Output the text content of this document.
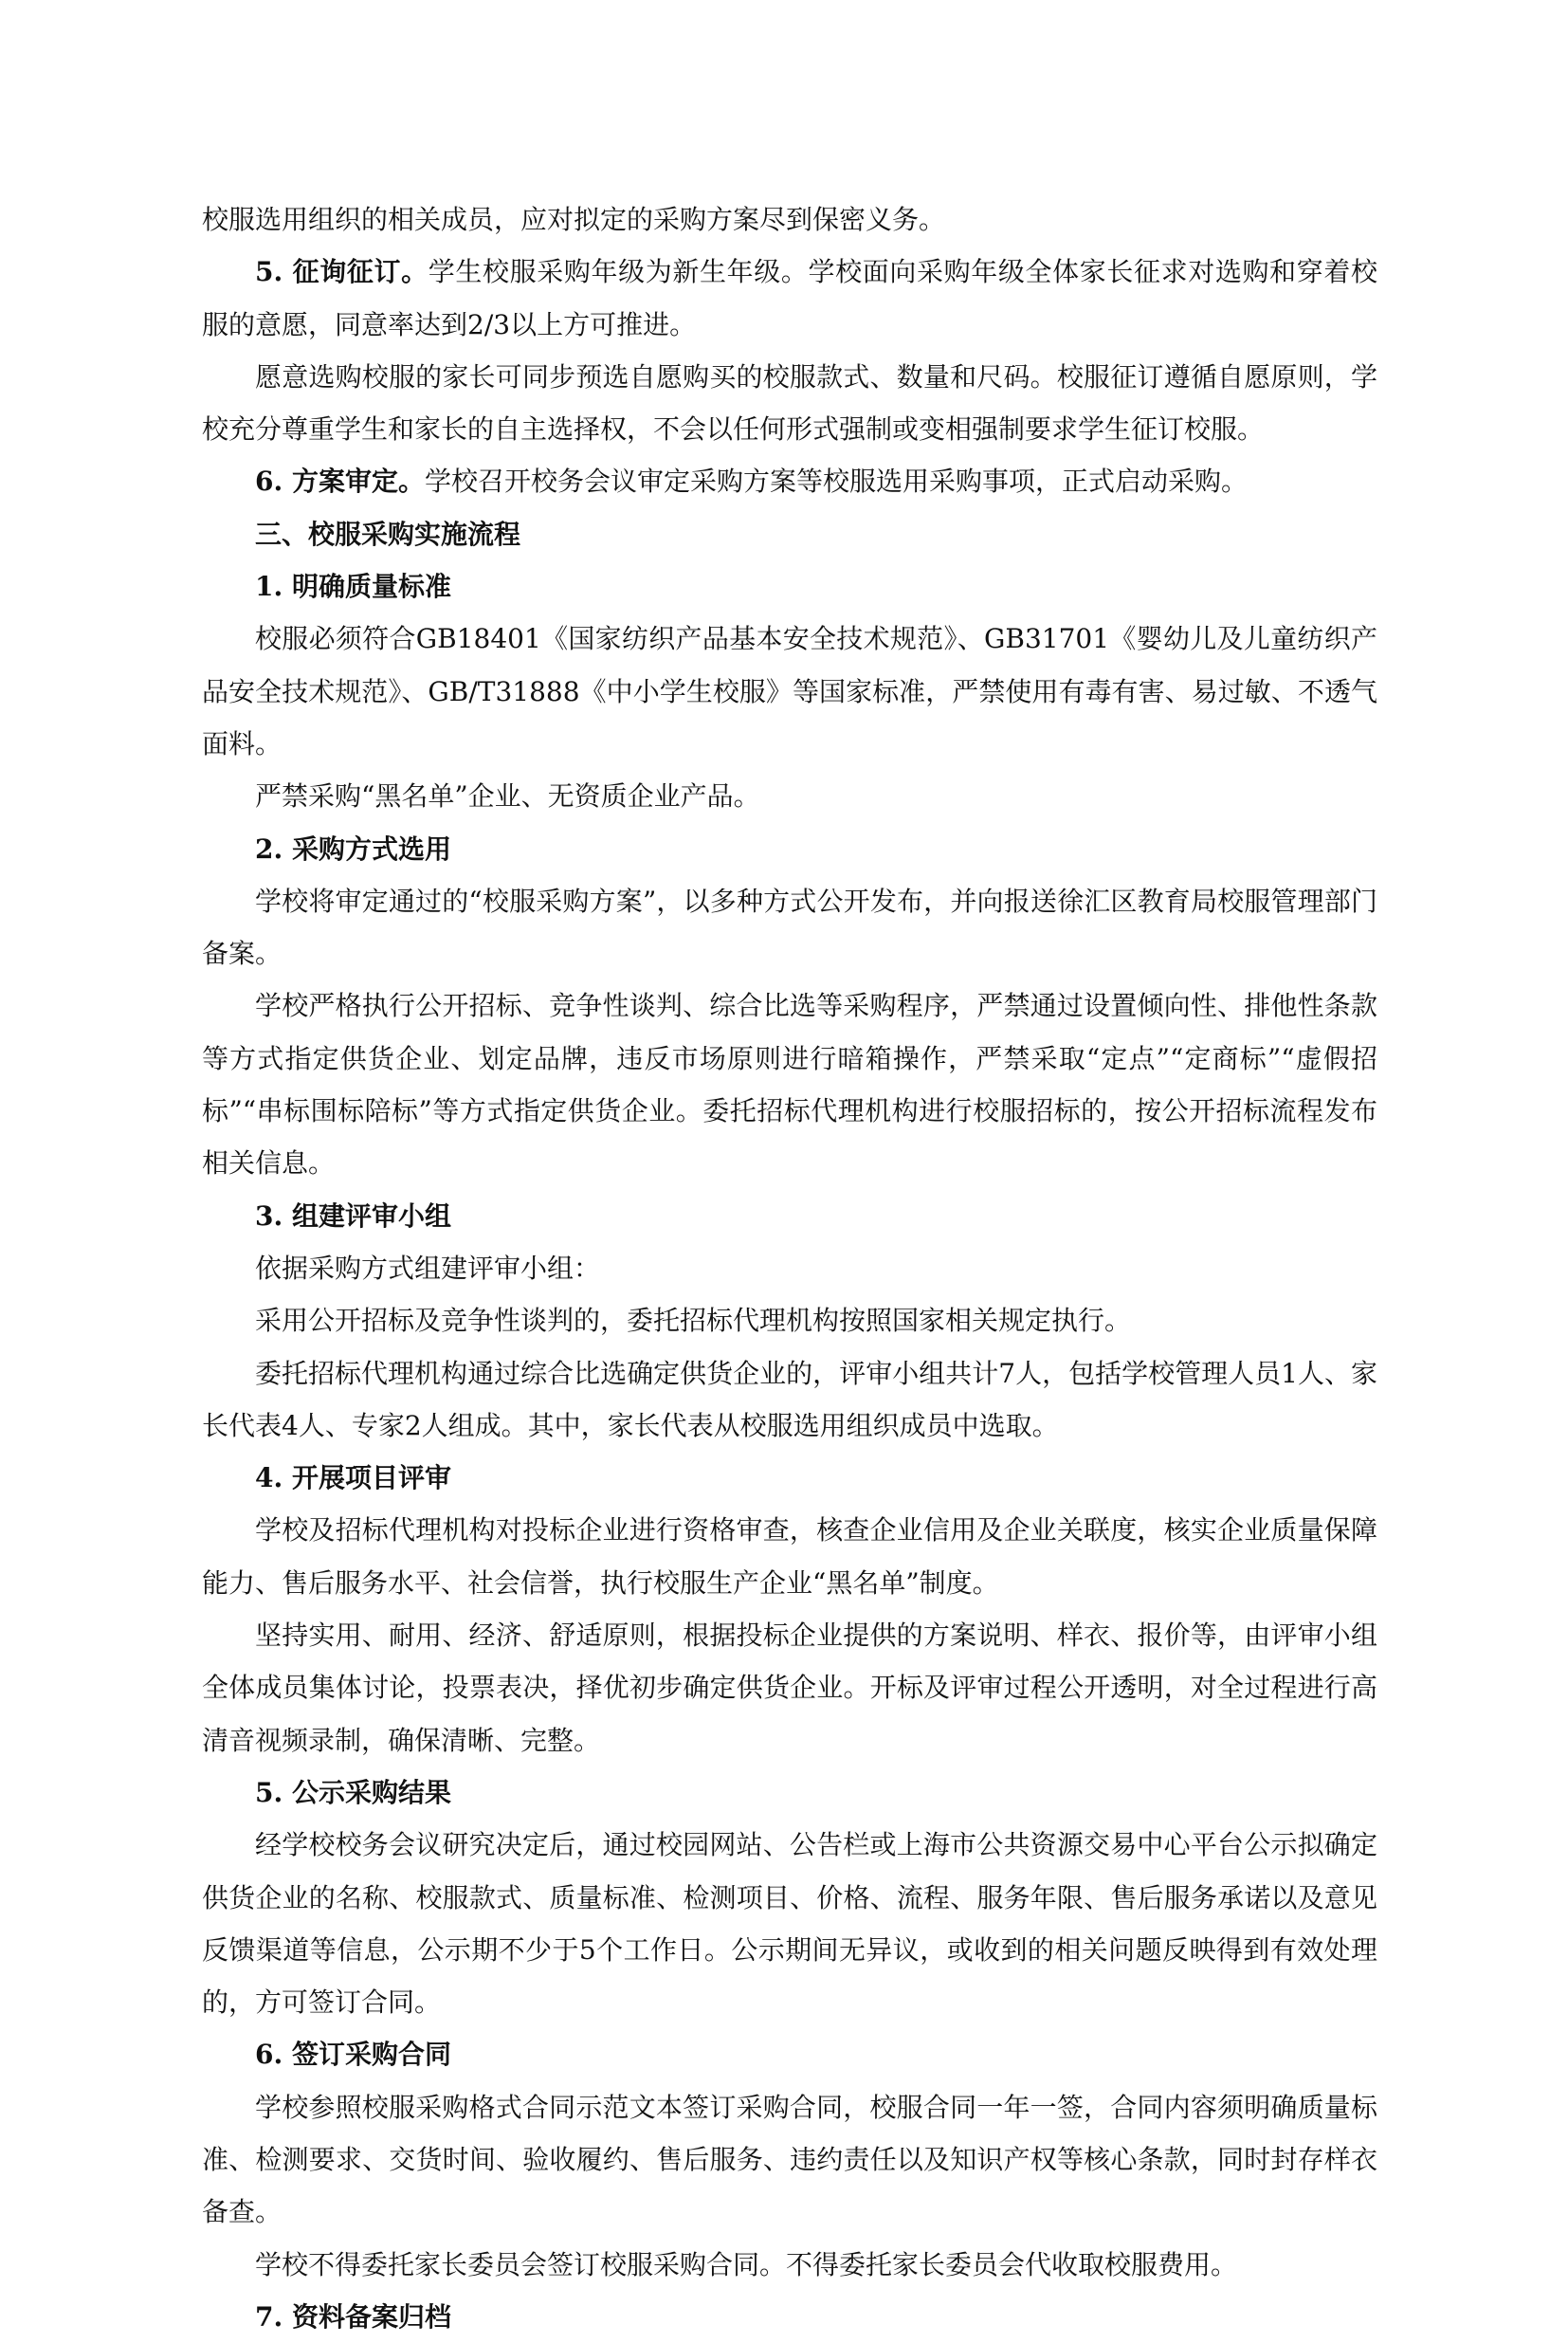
校服选用组织的相关成员，应对拟定的采购方案尽到保密义务。

5. 征询征订。学生校服采购年级为新生年级。学校面向采购年级全体家长征求对选购和穿着校服的意愿，同意率达到2/3以上方可推进。

愿意选购校服的家长可同步预选自愿购买的校服款式、数量和尺码。校服征订遵循自愿原则，学校充分尊重学生和家长的自主选择权，不会以任何形式强制或变相强制要求学生征订校服。

6. 方案审定。学校召开校务会议审定采购方案等校服选用采购事项，正式启动采购。

三、校服采购实施流程

1. 明确质量标准

校服必须符合GB18401《国家纺织产品基本安全技术规范》、GB31701《婴幼儿及儿童纺织产品安全技术规范》、GB/T31888《中小学生校服》等国家标准，严禁使用有毒有害、易过敏、不透气面料。

严禁采购“黑名单”企业、无资质企业产品。

2. 采购方式选用

学校将审定通过的“校服采购方案”，以多种方式公开发布，并向报送徐汇区教育局校服管理部门备案。

学校严格执行公开招标、竞争性谈判、综合比选等采购程序，严禁通过设置倾向性、排他性条款等方式指定供货企业、划定品牌，违反市场原则进行暗箱操作，严禁采取“定点”“定商标”“虚假招标”“串标围标陪标”等方式指定供货企业。委托招标代理机构进行校服招标的，按公开招标流程发布相关信息。

3. 组建评审小组

依据采购方式组建评审小组：

采用公开招标及竞争性谈判的，委托招标代理机构按照国家相关规定执行。

委托招标代理机构通过综合比选确定供货企业的，评审小组共计7人，包括学校管理人员1人、家长代表4人、专家2人组成。其中，家长代表从校服选用组织成员中选取。

4. 开展项目评审

学校及招标代理机构对投标企业进行资格审查，核查企业信用及企业关联度，核实企业质量保障能力、售后服务水平、社会信誉，执行校服生产企业“黑名单”制度。

坚持实用、耐用、经济、舒适原则，根据投标企业提供的方案说明、样衣、报价等，由评审小组全体成员集体讨论，投票表决，择优初步确定供货企业。开标及评审过程公开透明，对全过程进行高清音视频录制，确保清晰、完整。

5. 公示采购结果

经学校校务会议研究决定后，通过校园网站、公告栏或上海市公共资源交易中心平台公示拟确定供货企业的名称、校服款式、质量标准、检测项目、价格、流程、服务年限、售后服务承诺以及意见反馈渠道等信息，公示期不少于5个工作日。公示期间无异议，或收到的相关问题反映得到有效处理的，方可签订合同。

6. 签订采购合同

学校参照校服采购格式合同示范文本签订采购合同，校服合同一年一签，合同内容须明确质量标准、检测要求、交货时间、验收履约、售后服务、违约责任以及知识产权等核心条款，同时封存样衣备查。

学校不得委托家长委员会签订校服采购合同。不得委托家长委员会代收取校服费用。

7. 资料备案归档
